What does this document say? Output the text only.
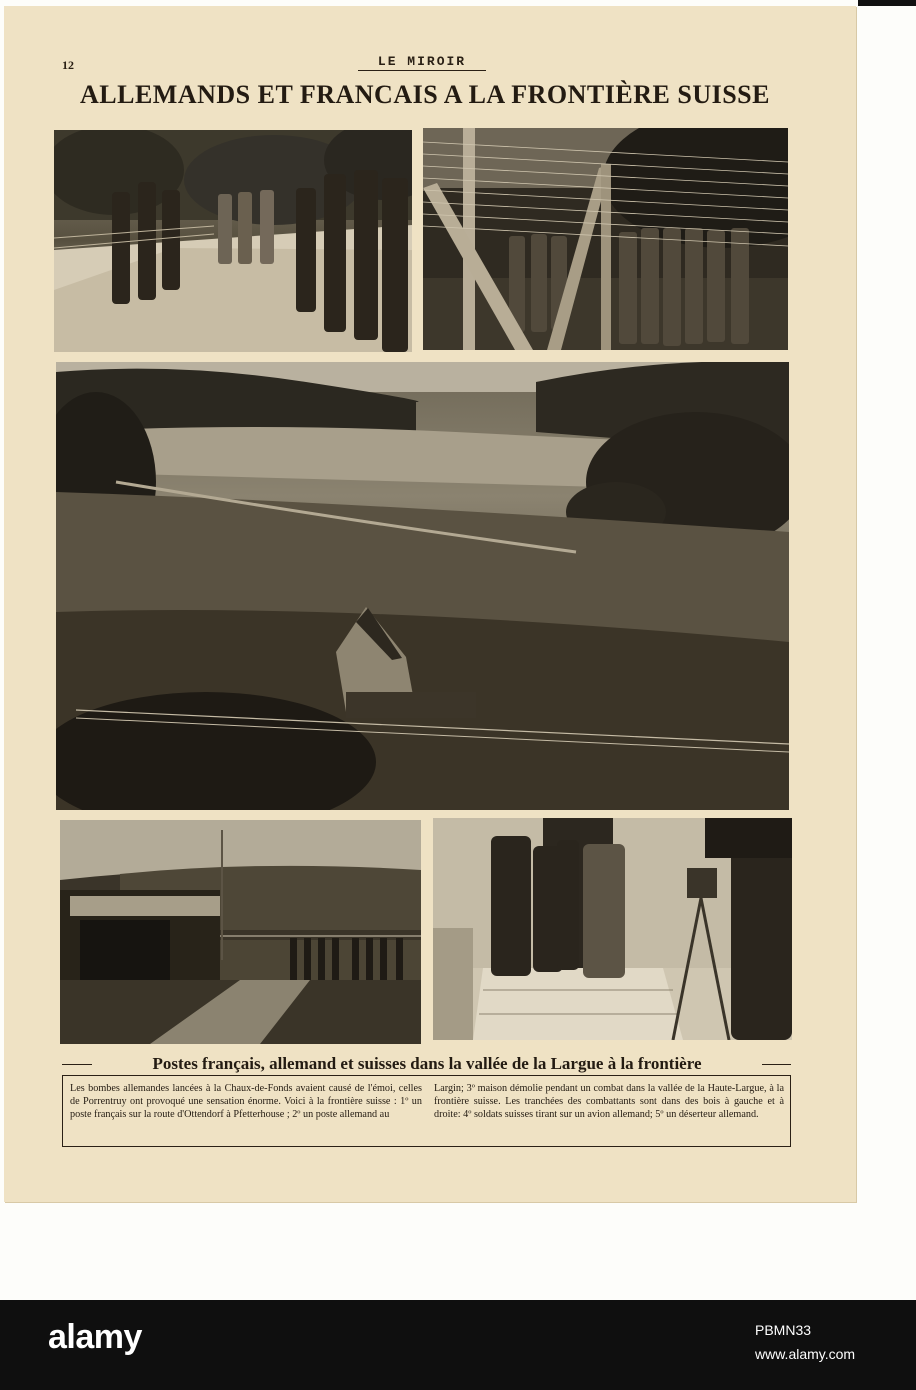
12	LE MIROIR
ALLEMANDS ET FRANCAIS A LA FRONTIÈRE SUISSE
Postes français, allemand et suisses dans la vallée de la Largue à la frontière
Les bombes allemandes lancées à la Chaux-de-Fonds avaient causé de l'émoi, celles de Porrentruy ont provoqué une sensation énorme. Voici à la frontière suisse : 1º un poste français sur la route d'Ottendorf à Pfetterhouse ; 2º un poste allemand au
Largin; 3º maison démolie pendant un combat dans la vallée de la Haute-Largue, à la frontière suisse. Les tranchées des combattants sont dans des bois à gauche et à droite: 4º soldats suisses tirant sur un avion allemand; 5º un déserteur allemand.
alamy	PBMN33
www.alamy.com
